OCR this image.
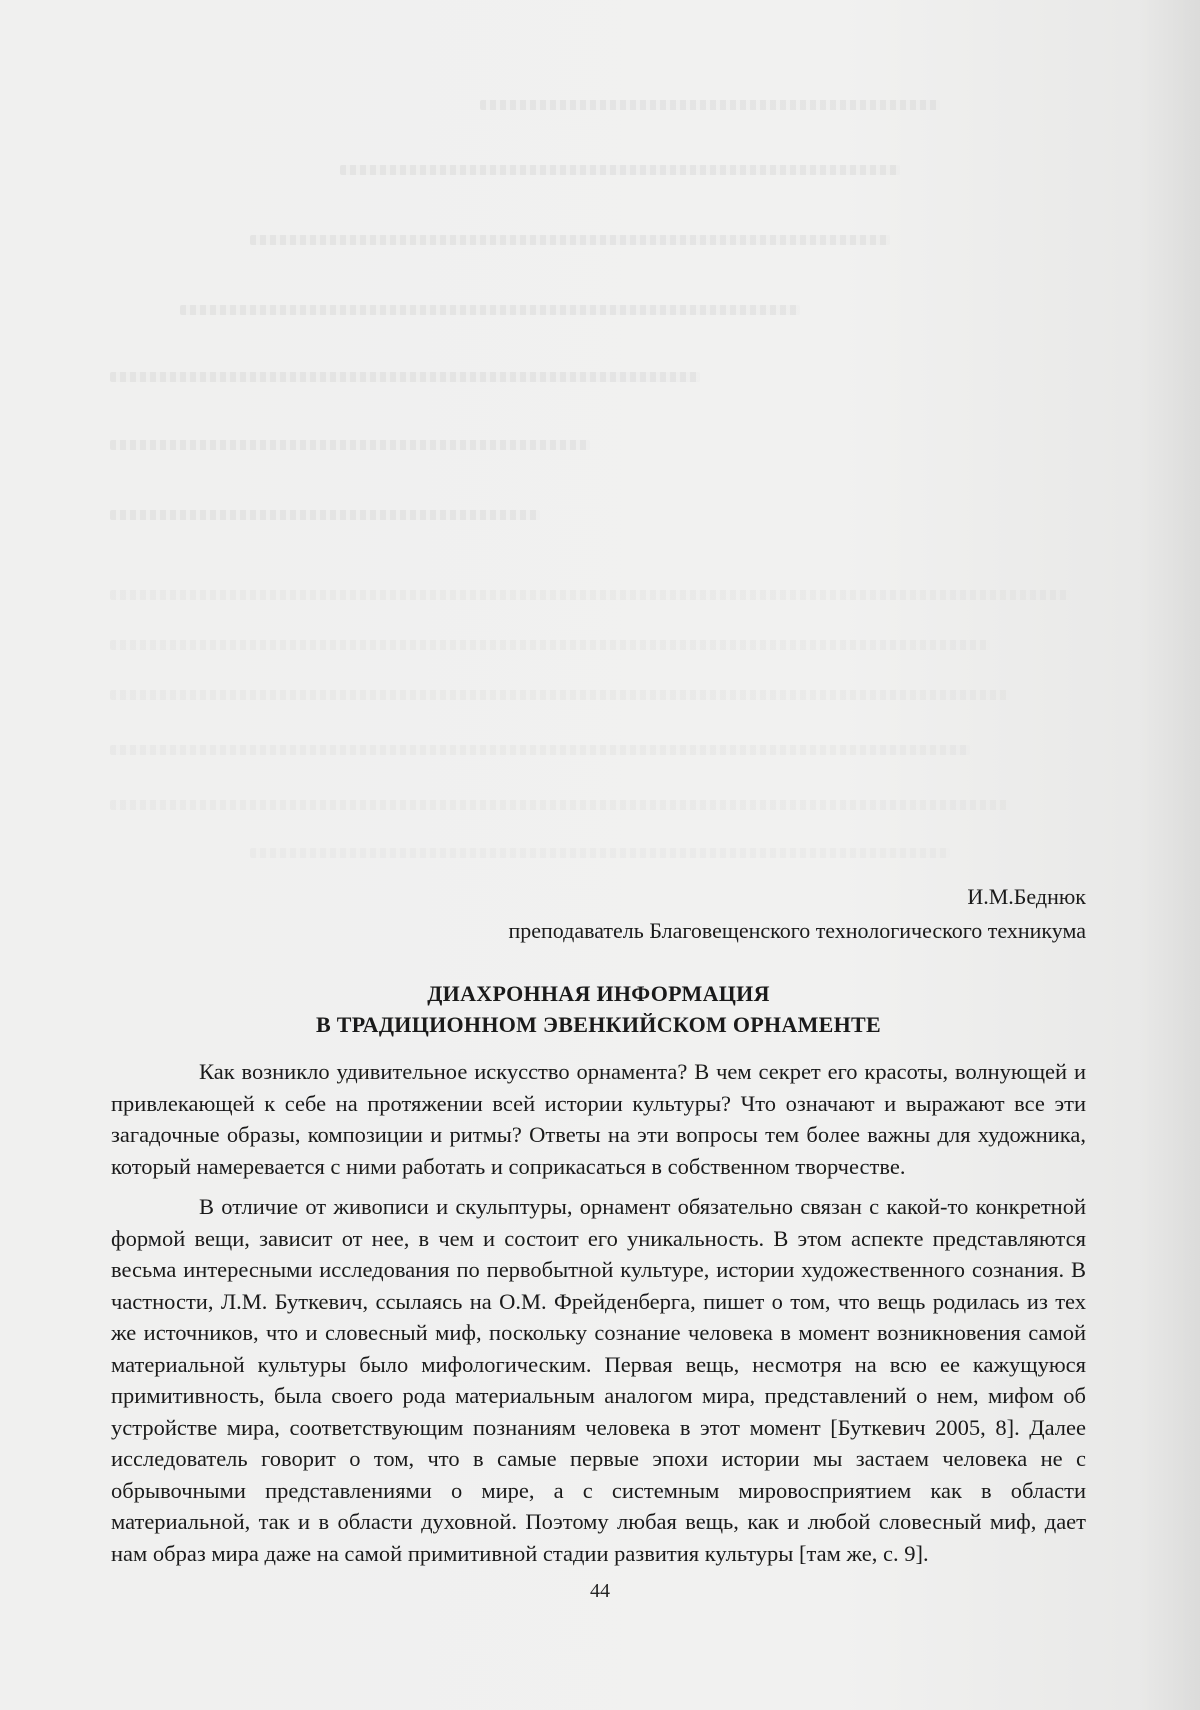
И.М.Беднюк

преподаватель Благовещенского технологического техникума

ДИАХРОННАЯ ИНФОРМАЦИЯ
В ТРАДИЦИОННОМ ЭВЕНКИЙСКОМ ОРНАМЕНТЕ

Как возникло удивительное искусство орнамента? В чем секрет его красоты, волнующей и привлекающей к себе на протяжении всей истории культуры? Что означают и выражают все эти загадочные образы, композиции и ритмы? Ответы на эти вопросы тем более важны для художника, который намеревается с ними работать и соприкасаться в собственном творчестве.

В отличие от живописи и скульптуры, орнамент обязательно связан с какой-то конкретной формой вещи, зависит от нее, в чем и состоит его уникальность. В этом аспекте представляются весьма интересными исследования по первобытной культуре, истории художественного сознания. В частности, Л.М. Буткевич, ссылаясь на О.М. Фрейденберга, пишет о том, что вещь родилась из тех же источников, что и словесный миф, поскольку сознание человека в момент возникновения самой материальной культуры было мифологическим. Первая вещь, несмотря на всю ее кажущуюся примитивность, была своего рода материальным аналогом мира, представлений о нем, мифом об устройстве мира, соответствующим познаниям человека в этот момент [Буткевич 2005, 8]. Далее исследователь говорит о том, что в самые первые эпохи истории мы застаем человека не с обрывочными представлениями о мире, а с системным мировосприятием как в области материальной, так и в области духовной. Поэтому любая вещь, как и любой словесный миф, дает нам образ мира даже на самой примитивной стадии развития культуры [там же, с. 9].

44
